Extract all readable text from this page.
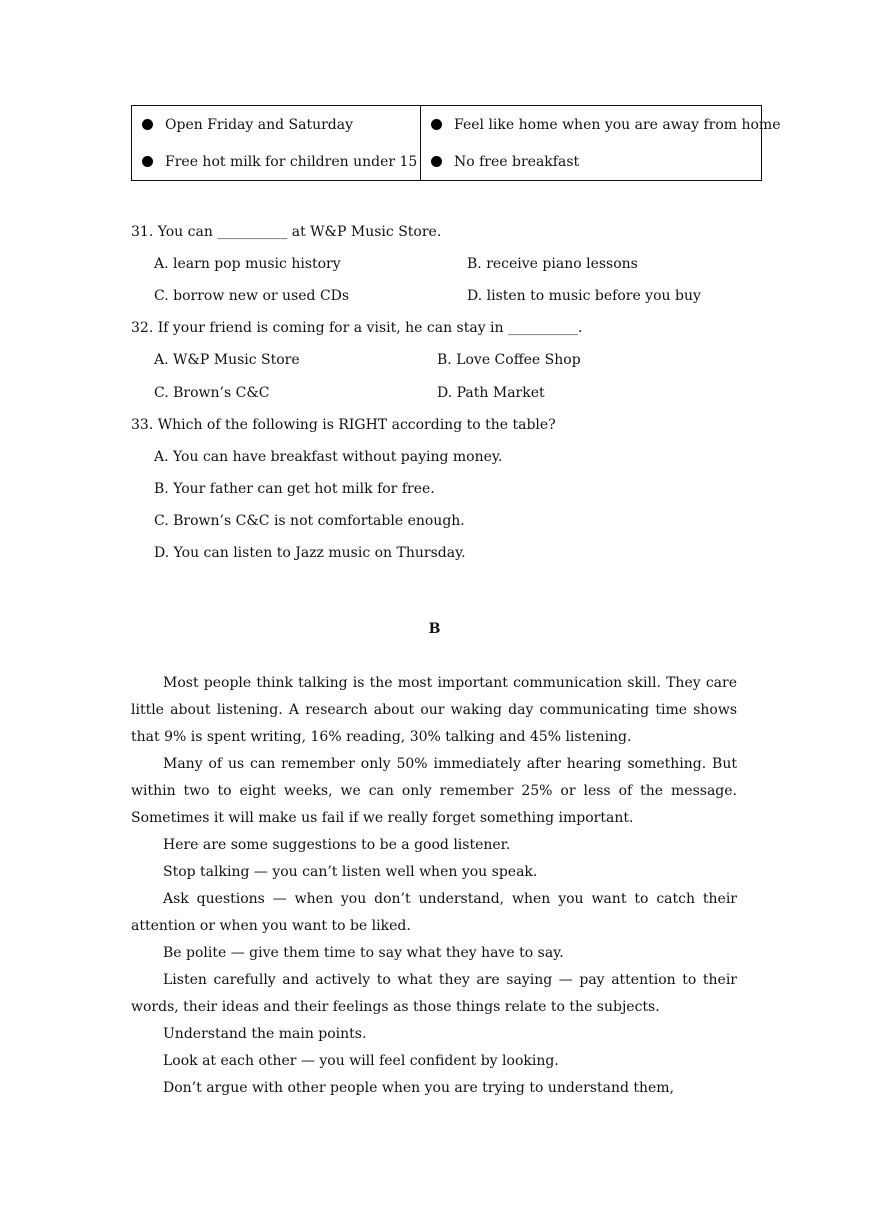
Open Friday and Saturday
Free hot milk for children under 15

Feel like home when you are away from home
No free breakfast
31. You can __________ at W&P Music Store.
A. learn pop music history	B. receive piano lessons
C. borrow new or used CDs	D. listen to music before you buy
32. If your friend is coming for a visit, he can stay in __________.
A. W&P Music Store	B. Love Coffee Shop
C. Brown’s C&C	D. Path Market
33. Which of the following is RIGHT according to the table?
A. You can have breakfast without paying money.
B. Your father can get hot milk for free.
C. Brown’s C&C is not comfortable enough.
D. You can listen to Jazz music on Thursday.
B

Most people think talking is the most important communication skill. They care little about listening. A research about our waking day communicating time shows that 9% is spent writing, 16% reading, 30% talking and 45% listening.

Many of us can remember only 50% immediately after hearing something. But within two to eight weeks, we can only remember 25% or less of the message. Sometimes it will make us fail if we really forget something important.

Here are some suggestions to be a good listener.

Stop talking — you can’t listen well when you speak.

Ask questions — when you don’t understand, when you want to catch their attention or when you want to be liked.

Be polite — give them time to say what they have to say.

Listen carefully and actively to what they are saying — pay attention to their words, their ideas and their feelings as those things relate to the subjects.

Understand the main points.

Look at each other — you will feel confident by looking.

Don’t argue with other people when you are trying to understand them,
